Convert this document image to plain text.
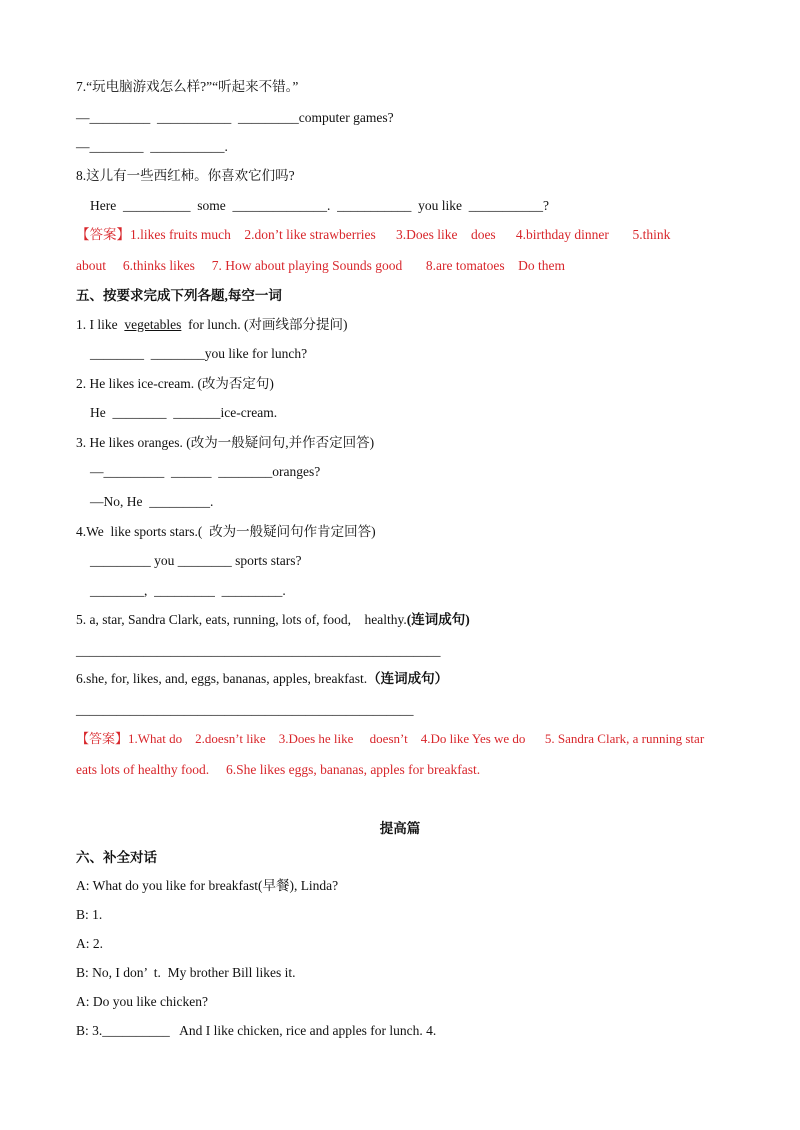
7.“玩电脑游戏怎么样?”“听起来不错。”
—_________  ___________  _________computer games?
—________  ___________.
8.这儿有一些西红柿。你喜欢它们吗?
Here  __________  some  ______________.  ___________  you like  ___________?
【答案】1.likes fruits much    2.don’t like strawberries      3.Does like    does      4.birthday dinner       5.think
about     6.thinks likes     7. How about playing Sounds good       8.are tomatoes    Do them
五、按要求完成下列各题,每空一词
1. I like  vegetables  for lunch. (对画线部分提问)
________  ________you like for lunch?
2. He likes ice-cream. (改为否定句)
He  ________  _______ice-cream.
3. He likes oranges. (改为一般疑问句,并作否定回答)
—_________  ______  ________oranges?
—No, He  _________.
4.We  like sports stars.(  改为一般疑问句作肯定回答)
_________ you ________ sports stars?
________,  _________  _________.
5. a, star, Sandra Clark, eats, running, lots of, food,    healthy.(连词成句)
______________________________________________________
6.she, for, likes, and, eggs, bananas, apples, breakfast.（连词成句）
__________________________________________________
【答案】1.What do    2.doesn’t like    3.Does he like     doesn’t    4.Do like Yes we do      5. Sandra Clark, a running star
eats lots of healthy food.     6.She likes eggs, bananas, apples for breakfast.
提高篇
六、补全对话
A: What do you like for breakfast(早餐), Linda?
B: 1.
A: 2.
B: No, I don’  t.  My brother Bill likes it.
A: Do you like chicken?
B: 3.__________   And I like chicken, rice and apples for lunch. 4.
